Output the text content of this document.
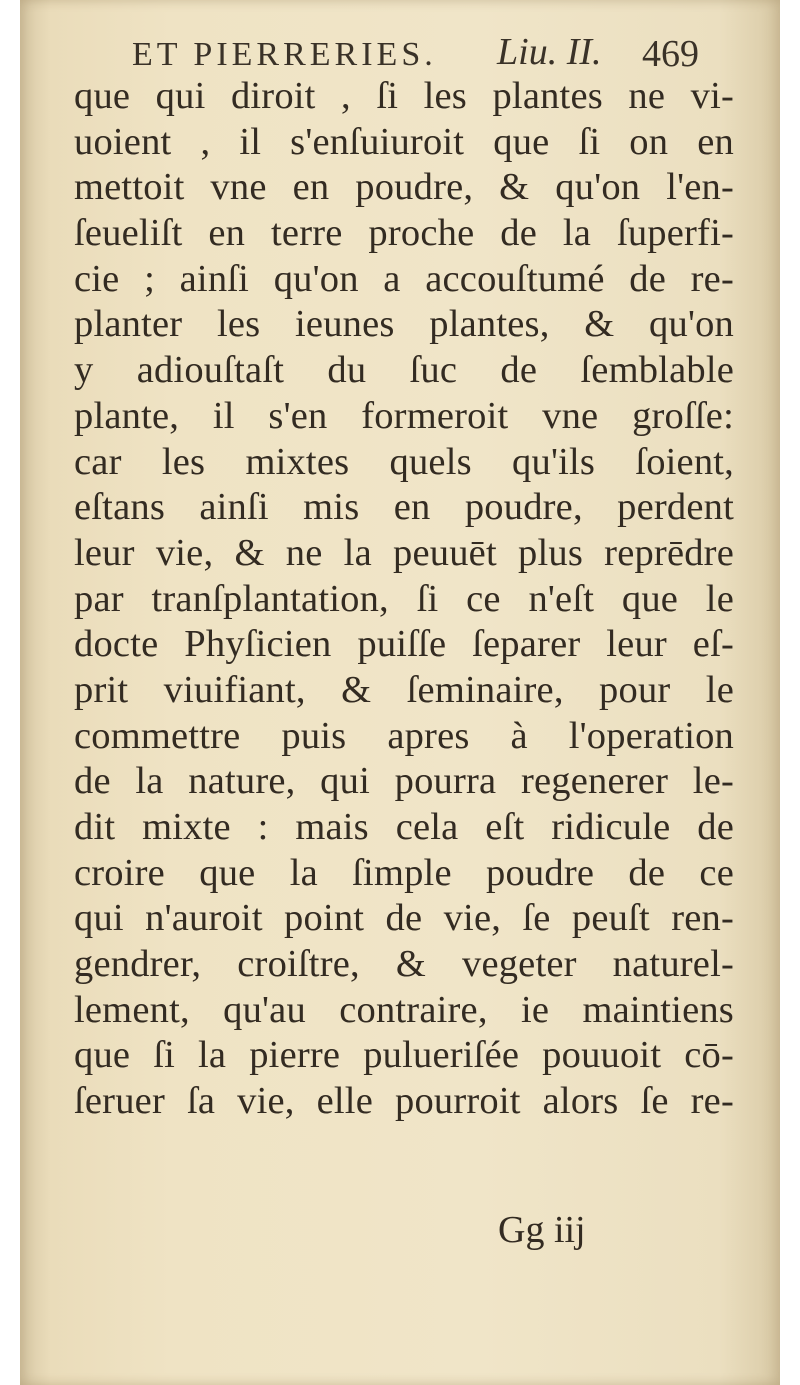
ET PIERRERIES. Liu. II. 469
que qui diroit , ſi les plantes ne vi-
uoient , il s'enſuiuroit que ſi on en
mettoit vne en poudre, & qu'on l'en-
ſeueliſt en terre proche de la ſuperfi-
cie ; ainſi qu'on a accouſtumé de re-
planter les ieunes plantes, & qu'on
y adiouſtaſt du ſuc de ſemblable
plante, il s'en formeroit vne groſſe:
car les mixtes quels qu'ils ſoient,
eſtans ainſi mis en poudre, perdent
leur vie, & ne la peuuēt plus reprēdre
par tranſplantation, ſi ce n'eſt que le
docte Phyſicien puiſſe ſeparer leur eſ-
prit viuifiant, & ſeminaire, pour le
commettre puis apres à l'operation
de la nature, qui pourra regenerer le-
dit mixte : mais cela eſt ridicule de
croire que la ſimple poudre de ce
qui n'auroit point de vie, ſe peuſt ren-
gendrer, croiſtre, & vegeter naturel-
lement, qu'au contraire, ie maintiens
que ſi la pierre pulueriſée pouuoit cō-
ſeruer ſa vie, elle pourroit alors ſe re-
Gg iij
